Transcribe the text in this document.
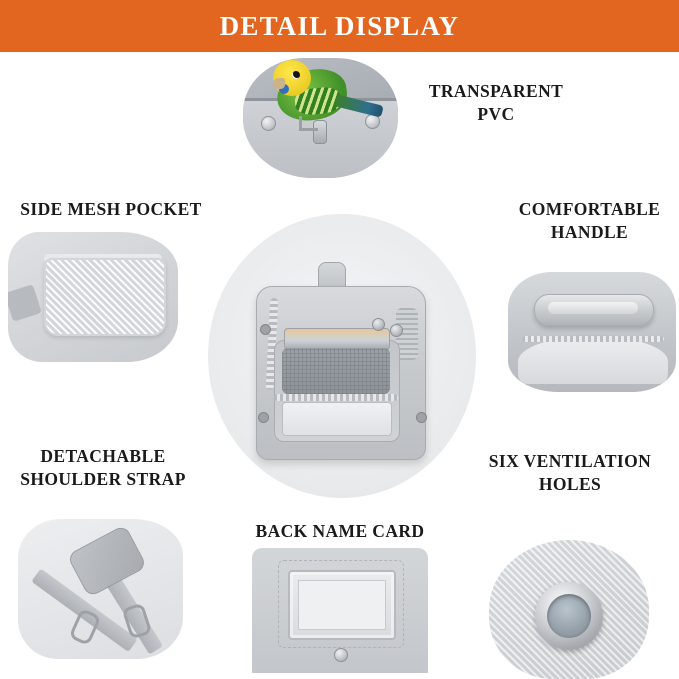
DETAIL DISPLAY
TRANSPARENT
PVC
SIDE MESH POCKET	COMFORTABLE
HANDLE
DETACHABLE
SHOULDER STRAP
BACK NAME CARD
SIX VENTILATION
HOLES
